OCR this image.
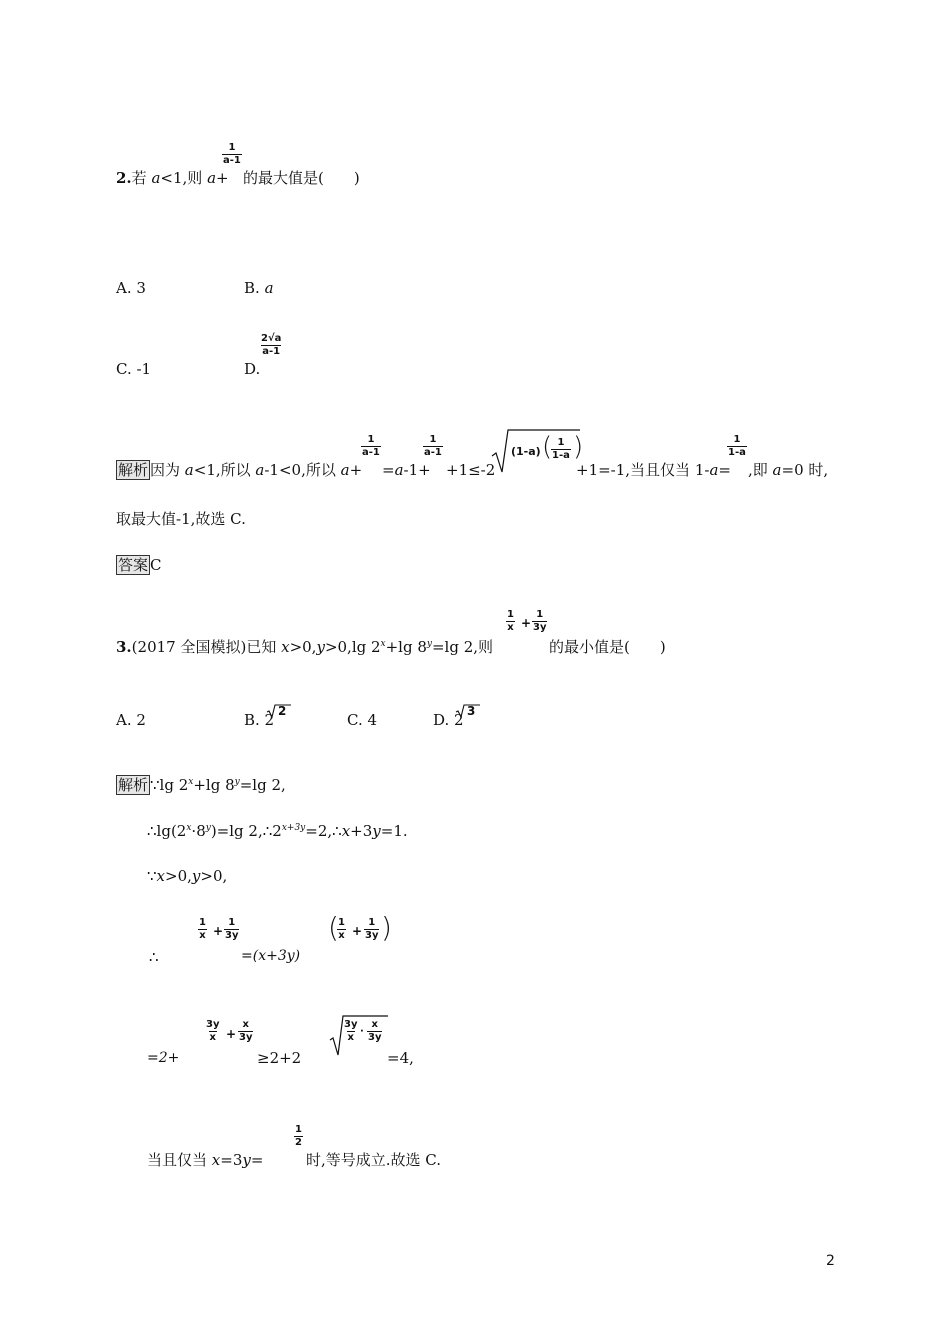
2.若 a<1,则 a+
$\frac{1}{a-1}$
的最大值是(　　)
A. 3	B. a
C. -1	D.
$\frac{2√a}{a-1}$
解析 因为 a<1,所以 a-1<0,所以 a+
$\frac{1}{a-1}$
=a-1+
$\frac{1}{a-1}$
+1≤-2
(1-a) (
$\frac{1}{1-a}$ )
+1=-1,当且仅当 1-a=
$\frac{1}{1-a}$
,即 a=0 时,
取最大值-1,故选 C.
答案 C
3.(2017 全国模拟)已知 x>0,y>0,lg $2^x+\lg$ $8^y=\lg$ 2,则
$\frac{1}{x} + \frac{1}{3y}$
的最小值是(　　)
A. 2	B. 2 2	C. 4	D. 2 3
解析 ∵lg $2^x+\lg$ $8^y=\lg$ 2,
$\therefore\lg(2^x\cdot 8^y)=\lg$ $2,\therefore 2^{x+3y}=2,\therefore x+3y=1$.
∵x>0,y>0,
∴
$\frac{1}{x} + \frac{1}{3y}$
=(x+3y)
(
$\frac{1}{x} + \frac{1}{3y}$ )
=2+
$\frac{3y}{x} + \frac{x}{3y}$
≥2+2
$\frac{3y}{x} \cdot \frac{x}{3y}$
=4,
当且仅当 x=3y=
$\frac{1}{2}$
时,等号成立.故选 C.
2
